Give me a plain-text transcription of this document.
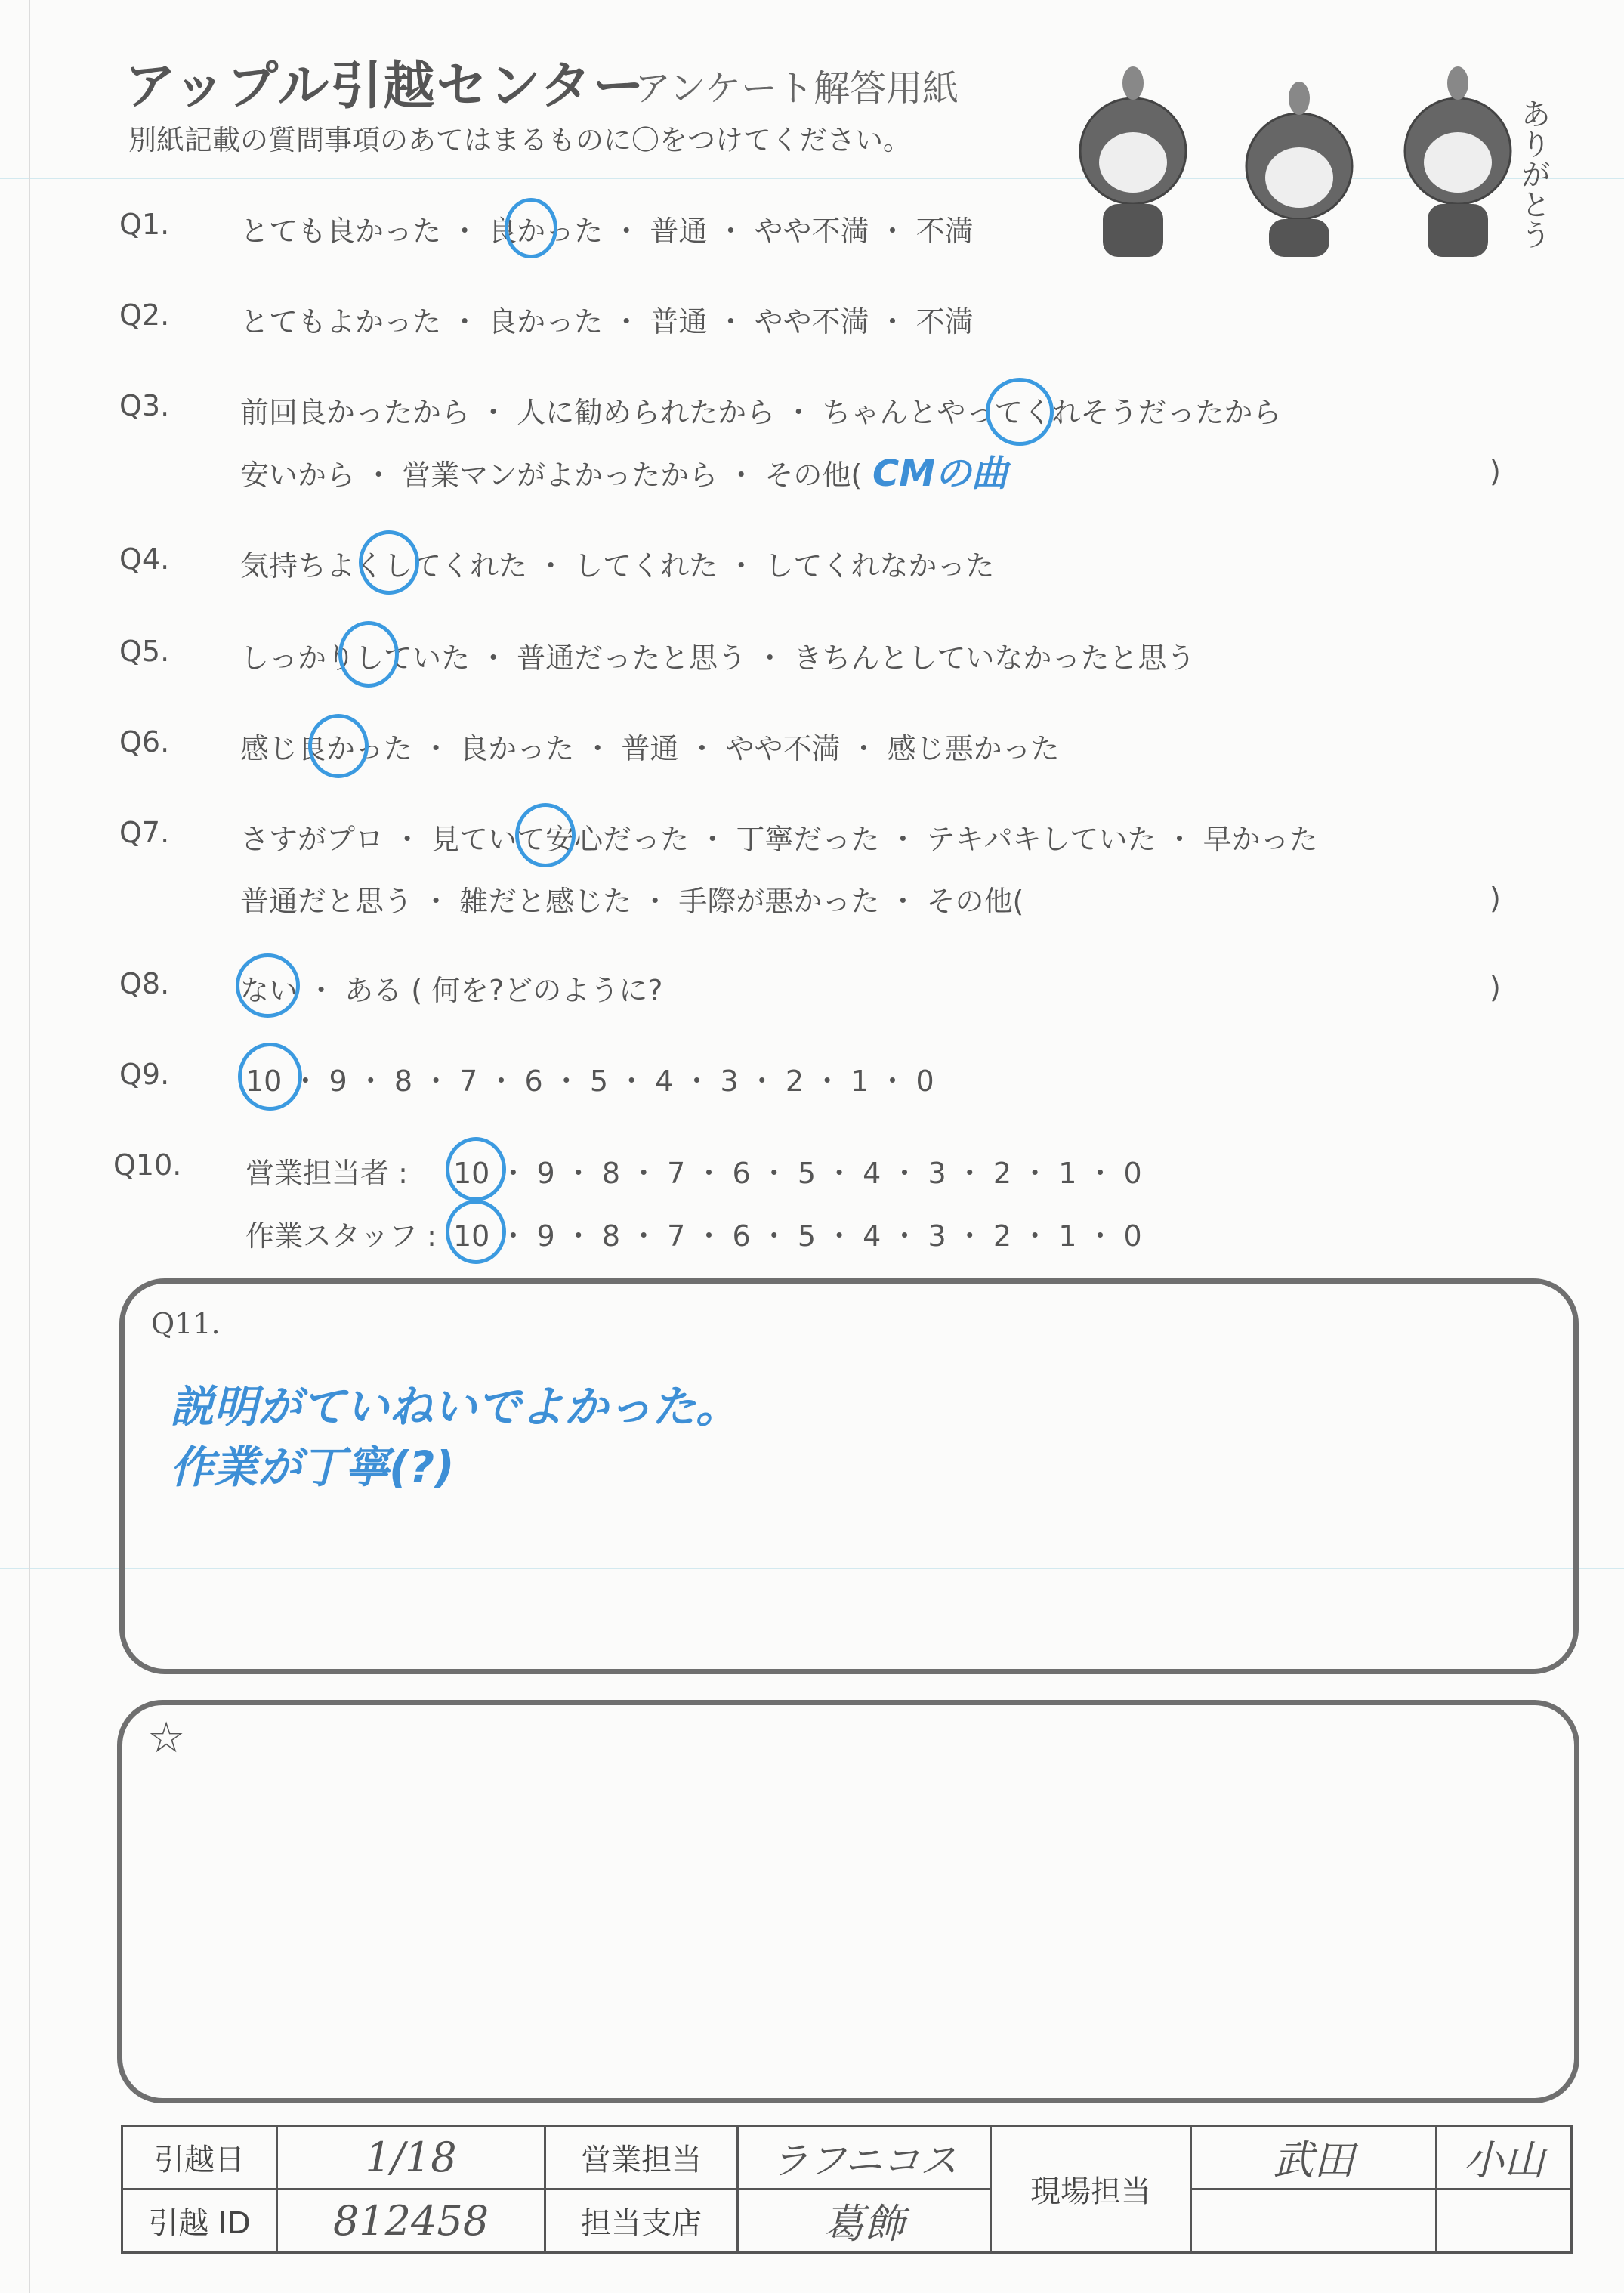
アップル引越センター
アンケート解答用紙
別紙記載の質問事項のあてはまるものに〇をつけてください。	ありがとう
Q1. とても良かった ・ 良かった ・ 普通 ・ やや不満 ・ 不満
Q2. とてもよかった ・ 良かった ・ 普通 ・ やや不満 ・ 不満
Q3. 前回良かったから ・ 人に勧められたから ・ ちゃんとやってくれそうだったから
安いから ・ 営業マンがよかったから ・ その他( CMの曲	)
Q4. 気持ちよくしてくれた ・ してくれた ・ してくれなかった
Q5. しっかりしていた ・ 普通だったと思う ・ きちんとしていなかったと思う
Q6. 感じ良かった ・ 良かった ・ 普通 ・ やや不満 ・ 感じ悪かった
Q7. さすがプロ ・ 見ていて安心だった ・ 丁寧だった ・ テキパキしていた ・ 早かった
普通だと思う ・ 雑だと感じた ・ 手際が悪かった ・ その他(	)
Q8. ない ・ ある ( 何を?どのように?	)
Q9.	10 ・ 9 ・ 8 ・ 7 ・ 6 ・ 5 ・ 4 ・ 3 ・ 2 ・ 1 ・ 0
Q10. 営業担当者 : 10 ・ 9 ・ 8 ・ 7 ・ 6 ・ 5 ・ 4 ・ 3 ・ 2 ・ 1 ・ 0
作業スタッフ : 10 ・ 9 ・ 8 ・ 7 ・ 6 ・ 5 ・ 4 ・ 3 ・ 2 ・ 1 ・ 0
Q11.
説明がていねいでよかった。
作業が丁寧(?)
☆
引越日	1/18	営業担当	ラフニコス	現場担当	武田	小山
引越 ID	812458	担当支店	葛飾			
